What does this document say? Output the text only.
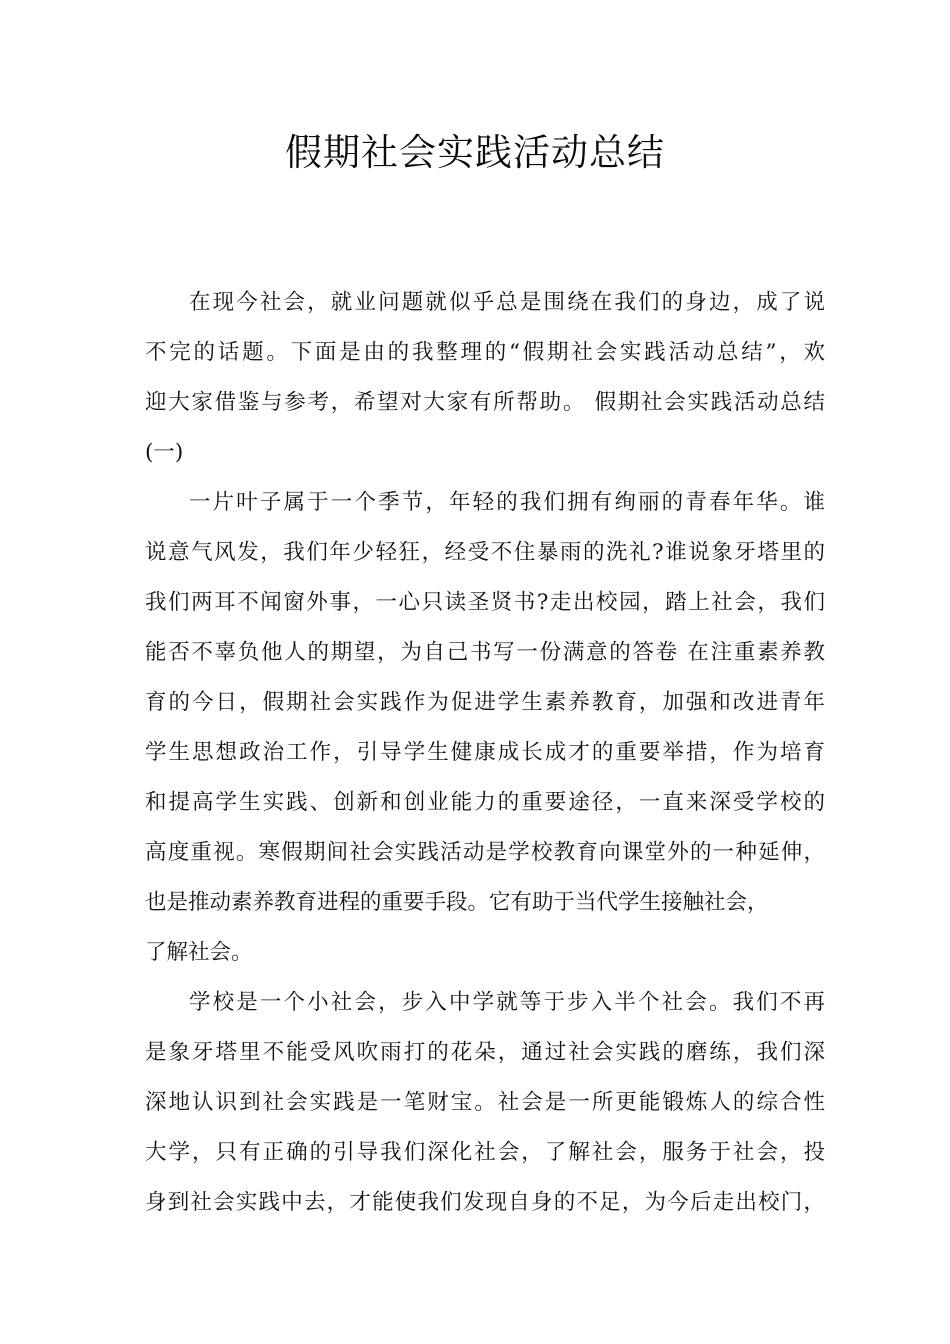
假期社会实践活动总结
在现今社会，就业问题就似乎总是围绕在我们的身边，成了说
不完的话题。下面是由的我整理的“假期社会实践活动总结”，欢
迎大家借鉴与参考，希望对大家有所帮助。 假期社会实践活动总结
(一)
一片叶子属于一个季节，年轻的我们拥有绚丽的青春年华。谁
说意气风发，我们年少轻狂，经受不住暴雨的洗礼?谁说象牙塔里的
我们两耳不闻窗外事，一心只读圣贤书?走出校园，踏上社会，我们
能否不辜负他人的期望，为自己书写一份满意的答卷 在注重素养教
育的今日，假期社会实践作为促进学生素养教育，加强和改进青年
学生思想政治工作，引导学生健康成长成才的重要举措，作为培育
和提高学生实践、创新和创业能力的重要途径，一直来深受学校的
高度重视。寒假期间社会实践活动是学校教育向课堂外的一种延伸，
也是推动素养教育进程的重要手段。它有助于当代学生接触社会，
了解社会。
学校是一个小社会，步入中学就等于步入半个社会。我们不再
是象牙塔里不能受风吹雨打的花朵，通过社会实践的磨练，我们深
深地认识到社会实践是一笔财宝。社会是一所更能锻炼人的综合性
大学，只有正确的引导我们深化社会，了解社会，服务于社会，投
身到社会实践中去，才能使我们发现自身的不足，为今后走出校门，
